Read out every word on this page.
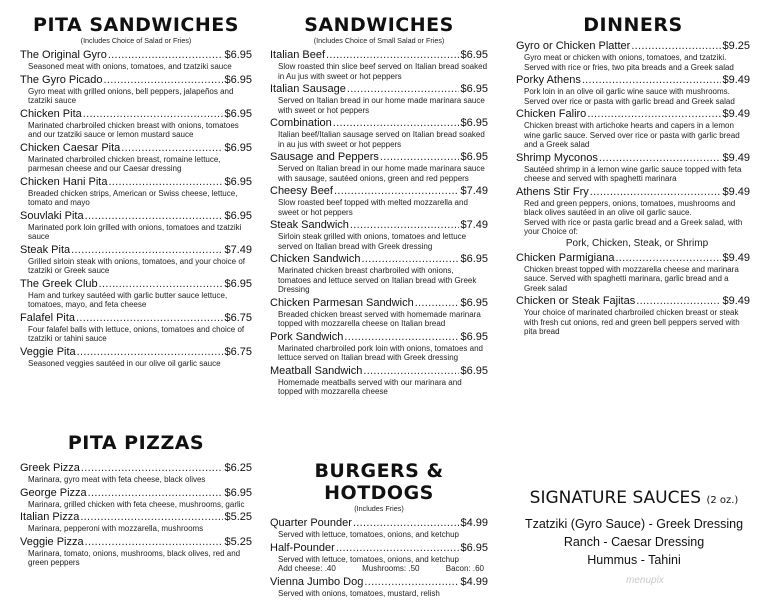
PITA SANDWICHES
(Includes Choice of Salad or Fries)
The Original Gyro .....	$6.95
Seasoned meat with onions, tomatoes, and tzatziki sauce
The Gyro Picado .....	$6.95
Gyro meat with grilled onions, bell peppers, jalapeños and tzatziki sauce
Chicken Pita .....	$6.95
Marinated charbroiled chicken breast with onions, tomatoes and our tzatziki sauce or lemon mustard sauce
Chicken Caesar Pita .....	$6.95
Marinated charbroiled chicken breast, romaine lettuce, parmesan cheese and our Caesar dressing
Chicken Hani Pita .....	$6.95
Breaded chicken strips, American or Swiss cheese, lettuce, tomato and mayo
Souvlaki Pita .....	$6.95
Marinated pork loin grilled with onions, tomatoes and tzatziki sauce
Steak Pita .....	$7.49
Grilled sirloin steak with onions, tomatoes, and your choice of tzatziki or Greek sauce
The Greek Club .....	$6.95
Ham and turkey sautéed with garlic butter sauce lettuce, tomatoes, mayo, and feta cheese
Falafel Pita .....	$6.75
Four falafel balls with lettuce, onions, tomatoes and choice of tzatziki or tahini sauce
Veggie Pita .....	$6.75
Seasoned veggies sautéed in our olive oil garlic sauce
PITA PIZZAS
Greek Pizza .....	$6.25
Marinara, gyro meat with feta cheese, black olives
George Pizza .....	$6.95
Marinara, grilled chicken with feta cheese, mushrooms, garlic
Italian Pizza .....	$5.25
Marinara, pepperoni with mozzarella, mushrooms
Veggie Pizza .....	$5.25
Marinara, tomato, onions, mushrooms, black olives, red and green peppers
SANDWICHES
(Includes Choice of Small Salad or Fries)
Italian Beef .....	$6.95
Slow roasted thin slice beef served on Italian bread soaked in Au jus with sweet or hot peppers
Italian Sausage .....	$6.95
Served on Italian bread in our home made marinara sauce with sweet or hot peppers
Combination .....	$6.95
Italian beef/Italian sausage served on Italian bread soaked in au jus with sweet or hot peppers
Sausage and Peppers .....	$6.95
Served on Italian bread in our home made marinara sauce with sausage, sautéed onions, green and red peppers
Cheesy Beef .....	$7.49
Slow roasted beef topped with melted mozzarella and sweet or hot peppers
Steak Sandwich .....	$7.49
Sirloin steak grilled with onions, tomatoes and lettuce served on Italian bread with Greek dressing
Chicken Sandwich .....	$6.95
Marinated chicken breast charbroiled with onions, tomatoes and lettuce served on Italian bread with Greek Dressing
Chicken Parmesan Sandwich .....	$6.95
Breaded chicken breast served with homemade marinara topped with mozzarella cheese on Italian bread
Pork Sandwich .....	$6.95
Marinated charbroiled pork loin with onions, tomatoes and lettuce served on Italian bread with Greek dressing
Meatball Sandwich .....	$6.95
Homemade meatballs served with our marinara and topped with mozzarella cheese
BURGERS & HOTDOGS
(Includes Fries)
Quarter Pounder .....	$4.99
Served with lettuce, tomatoes, onions, and ketchup
Half-Pounder .....	$6.95
Served with lettuce, tomatoes, onions, and ketchup
Add cheese: .40	Mushrooms: .50	Bacon: .60
Vienna Jumbo Dog .....	$4.99
Served with onions, tomatoes, mustard, relish
DINNERS
Gyro or Chicken Platter .....	$9.25
Gyro meat or chicken with onions, tomatoes, and tzatziki. Served with rice or fries, two pita breads and a Greek salad
Porky Athens .....	$9.49
Pork loin in an olive oil garlic wine sauce with mushrooms. Served over rice or pasta with garlic bread and Greek salad
Chicken Faliro .....	$9.49
Chicken breast with artichoke hearts and capers in a lemon wine garlic sauce. Served over rice or pasta with garlic bread and a Greek salad
Shrimp Myconos .....	$9.49
Sautéed shrimp in a lemon wine garlic sauce topped with feta cheese and served with spaghetti marinara
Athens Stir Fry .....	$9.49
Red and green peppers, onions, tomatoes, mushrooms and black olives sautéed in an olive oil garlic sauce.
Served with rice or pasta garlic bread and a Greek salad, with your Choice of:
Pork, Chicken, Steak, or Shrimp
Chicken Parmigiana .....	$9.49
Chicken breast topped with mozzarella cheese and marinara sauce. Served with spaghetti marinara, garlic bread and a Greek salad
Chicken or Steak Fajitas .....	$9.49
Your choice of marinated charbroiled chicken breast or steak with fresh cut onions, red and green bell peppers served with pita bread
SIGNATURE SAUCES (2 oz.)
Tzatziki (Gyro Sauce) - Greek Dressing
Ranch - Caesar Dressing
Hummus - Tahini
menupix
